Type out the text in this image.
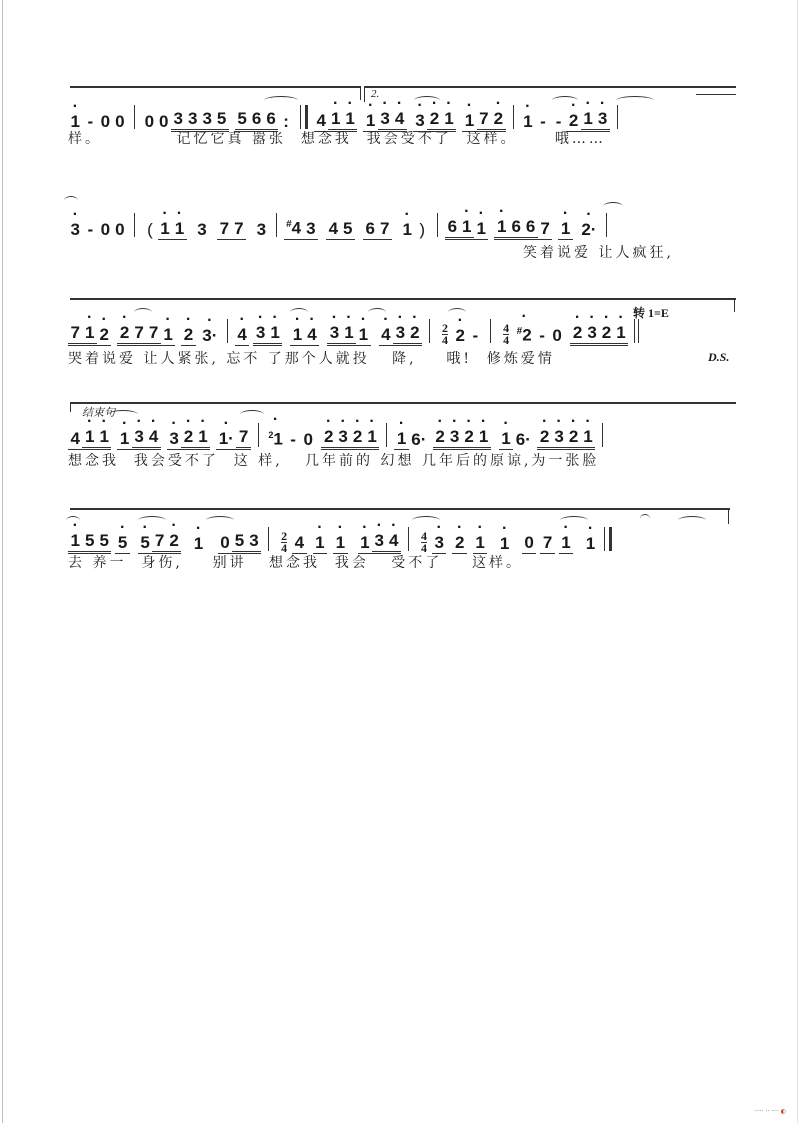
2.
· 1 - 0 0 0 0 3 3 3 5 5 6 6 : 4 · 1 · 1 · 1 · 3 · 4 · 3 · 2 · 1 · 1 7 · 2 · 1 - - · 2 · 1 · 3
样。          记忆它真 嚣张  想念我  我会受不了  这样。     哦……
· 3 - 0 0 ( · 1 · 1 3 7 7 3 #4 3 4 5 6 7 · 1 ) 6 · 1 · 1 · 1 6 6 7 · 1 · 2·
笑着说爱 让人疯狂,
转 1=E
7 · 1 · 2 · 2 7 7 · 1 · 2 · 3· · 4 · 3 · 1 · 1 · 4 · 3 · 1 · 1 · 4 · 3 · 2 2
4 · 2 -	4
4
· #2 - 0 · 2 · 3 · 2 · 1
哭着说爱 让人紧张, 忘不 了那个人就投   降,    哦!  修炼爱情	D.S.
结束句
4 · 1 · 1 · 1 · 3 · 4 · 3 · 2 · 1 · 1· 7 · $^2$1 - 0 · 2 · 3 · 2 · 1 · 1 6· · 2 · 3 · 2 · 1 · 1 6· · 2 · 3 · 2 · 1
想念我  我会受不了  这 样,   几年前的 幻想 几年后的原谅,为一张脸
· 1 5 5 · 5 · 5 7 · 2 · 1 0 5 3 2
4 4 · 1 · 1 · 1 · 3 · 4 4
4 · 3 · 2 · 1 · 1 0 7 · 1 · 1
去 养一  身伤,    别讲   想念我  我会   受不了    这样。
····· ·· ···· ◐
